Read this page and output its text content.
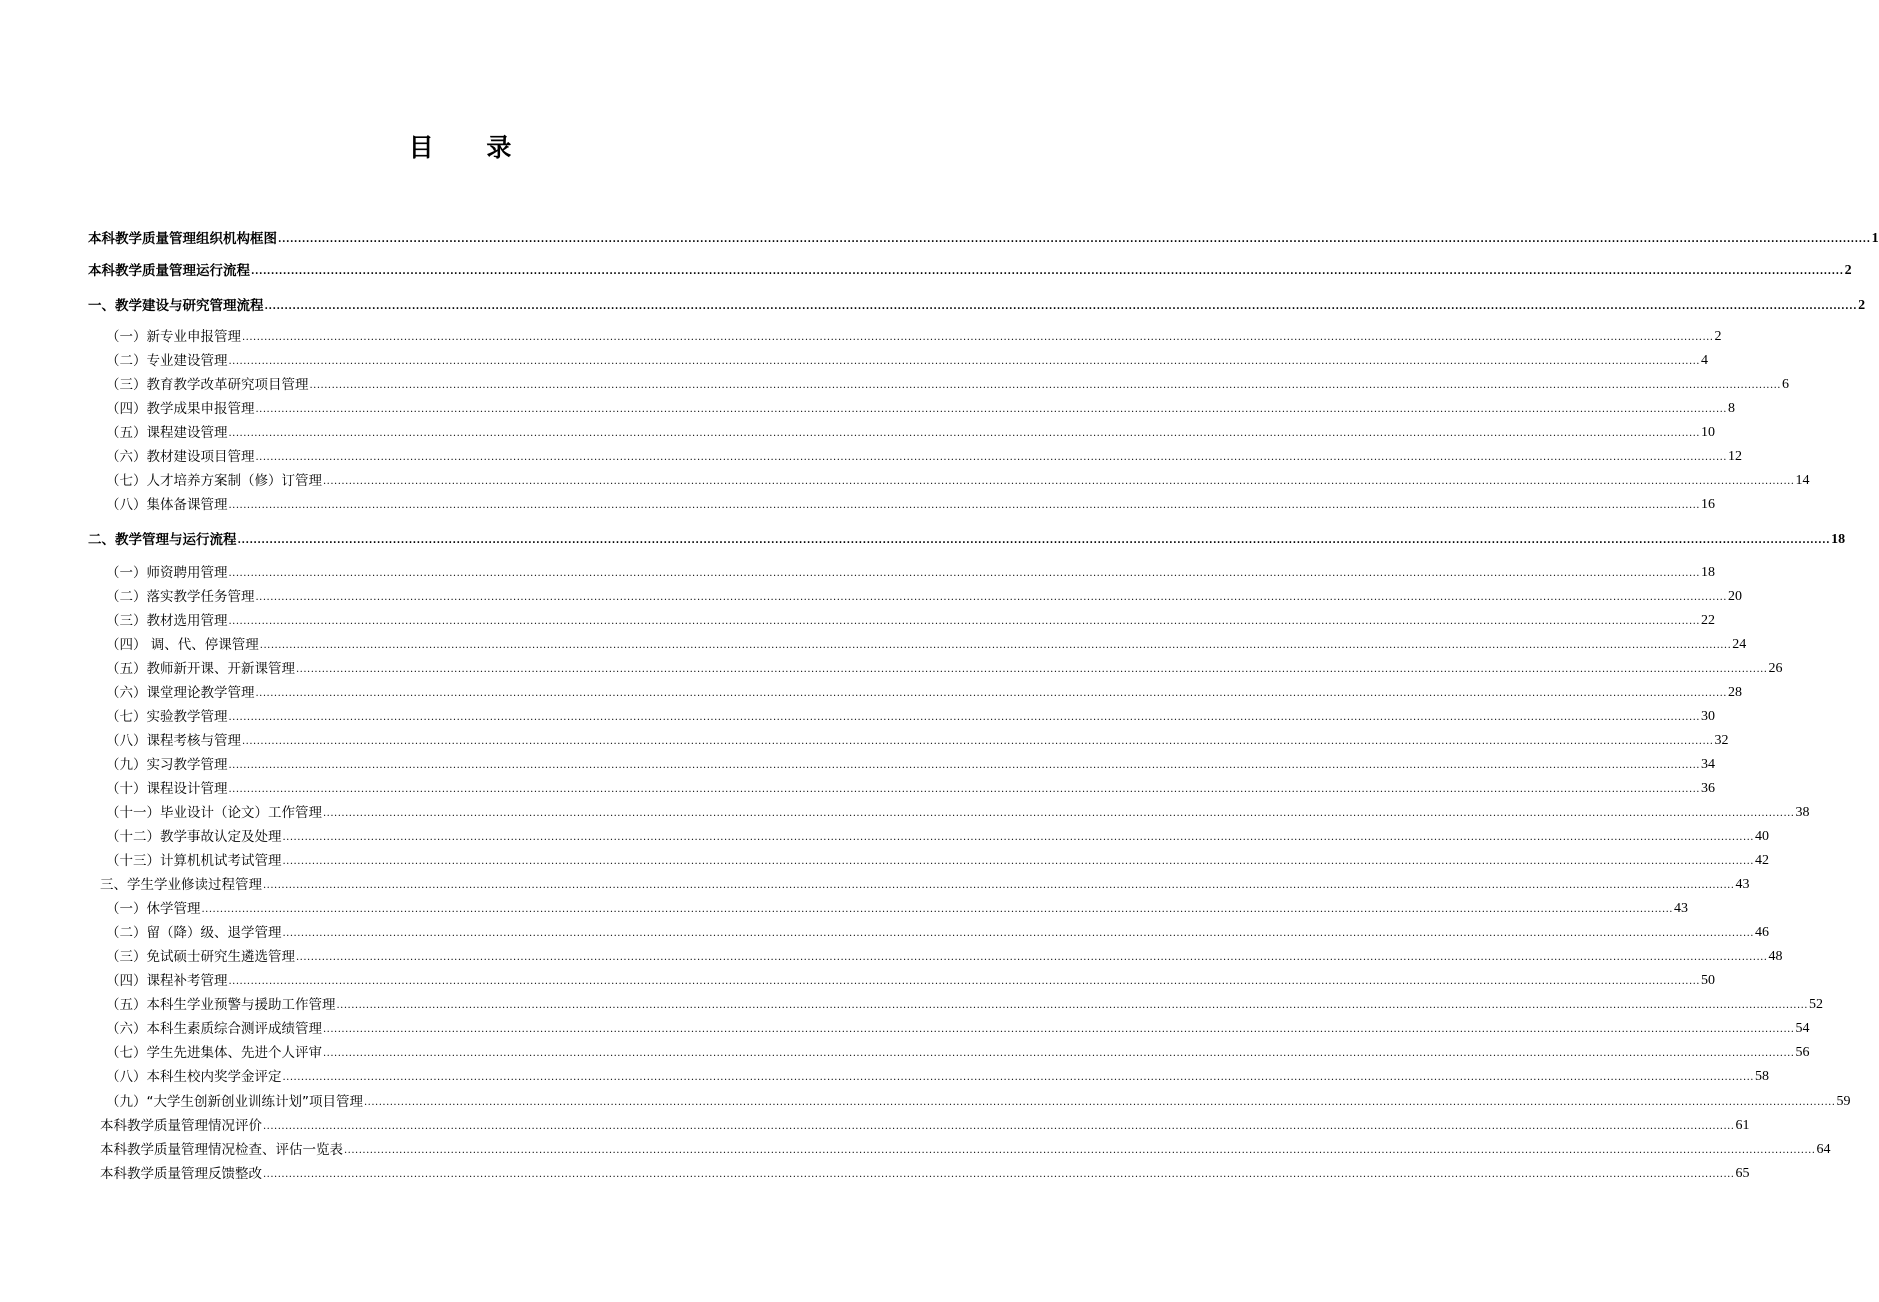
目 录
本科教学质量管理组织机构框图 ................................................................................................................................................................................................................................................................................................................................................................................................................ 1
本科教学质量管理运行流程 ................................................................................................................................................................................................................................................................................................................................................................................................................ 2
一、教学建设与研究管理流程 ................................................................................................................................................................................................................................................................................................................................................................................................................ 2
（一）新专业申报管理 ................................................................................................................................................................................................................................................................................................................................................................................................................ 2
（二）专业建设管理 ................................................................................................................................................................................................................................................................................................................................................................................................................ 4
（三）教育教学改革研究项目管理 ................................................................................................................................................................................................................................................................................................................................................................................................................ 6
（四）教学成果申报管理 ................................................................................................................................................................................................................................................................................................................................................................................................................ 8
（五）课程建设管理 ................................................................................................................................................................................................................................................................................................................................................................................................................ 10
（六）教材建设项目管理 ................................................................................................................................................................................................................................................................................................................................................................................................................ 12
（七）人才培养方案制（修）订管理 ................................................................................................................................................................................................................................................................................................................................................................................................................ 14
（八）集体备课管理 ................................................................................................................................................................................................................................................................................................................................................................................................................ 16
二、教学管理与运行流程 ................................................................................................................................................................................................................................................................................................................................................................................................................ 18
（一）师资聘用管理 ................................................................................................................................................................................................................................................................................................................................................................................................................ 18
（二）落实教学任务管理 ................................................................................................................................................................................................................................................................................................................................................................................................................ 20
（三）教材选用管理 ................................................................................................................................................................................................................................................................................................................................................................................................................ 22
（四） 调、代、停课管理 ................................................................................................................................................................................................................................................................................................................................................................................................................ 24
（五）教师新开课、开新课管理 ................................................................................................................................................................................................................................................................................................................................................................................................................ 26
（六）课堂理论教学管理 ................................................................................................................................................................................................................................................................................................................................................................................................................ 28
（七）实验教学管理 ................................................................................................................................................................................................................................................................................................................................................................................................................ 30
（八）课程考核与管理 ................................................................................................................................................................................................................................................................................................................................................................................................................ 32
（九）实习教学管理 ................................................................................................................................................................................................................................................................................................................................................................................................................ 34
（十）课程设计管理 ................................................................................................................................................................................................................................................................................................................................................................................................................ 36
（十一）毕业设计（论文）工作管理 ................................................................................................................................................................................................................................................................................................................................................................................................................ 38
（十二）教学事故认定及处理 ................................................................................................................................................................................................................................................................................................................................................................................................................ 40
（十三）计算机机试考试管理 ................................................................................................................................................................................................................................................................................................................................................................................................................ 42
三、学生学业修读过程管理 ................................................................................................................................................................................................................................................................................................................................................................................................................ 43
（一）休学管理 ................................................................................................................................................................................................................................................................................................................................................................................................................ 43
（二）留（降）级、退学管理 ................................................................................................................................................................................................................................................................................................................................................................................................................ 46
（三）免试硕士研究生遴选管理 ................................................................................................................................................................................................................................................................................................................................................................................................................ 48
（四）课程补考管理 ................................................................................................................................................................................................................................................................................................................................................................................................................ 50
（五）本科生学业预警与援助工作管理 ................................................................................................................................................................................................................................................................................................................................................................................................................ 52
（六）本科生素质综合测评成绩管理 ................................................................................................................................................................................................................................................................................................................................................................................................................ 54
（七）学生先进集体、先进个人评审 ................................................................................................................................................................................................................................................................................................................................................................................................................ 56
（八）本科生校内奖学金评定 ................................................................................................................................................................................................................................................................................................................................................................................................................ 58
（九）“大学生创新创业训练计划”项目管理 ................................................................................................................................................................................................................................................................................................................................................................................................................ 59
本科教学质量管理情况评价 ................................................................................................................................................................................................................................................................................................................................................................................................................ 61
本科教学质量管理情况检查、评估一览表 ................................................................................................................................................................................................................................................................................................................................................................................................................ 64
本科教学质量管理反馈整改 ................................................................................................................................................................................................................................................................................................................................................................................................................ 65
